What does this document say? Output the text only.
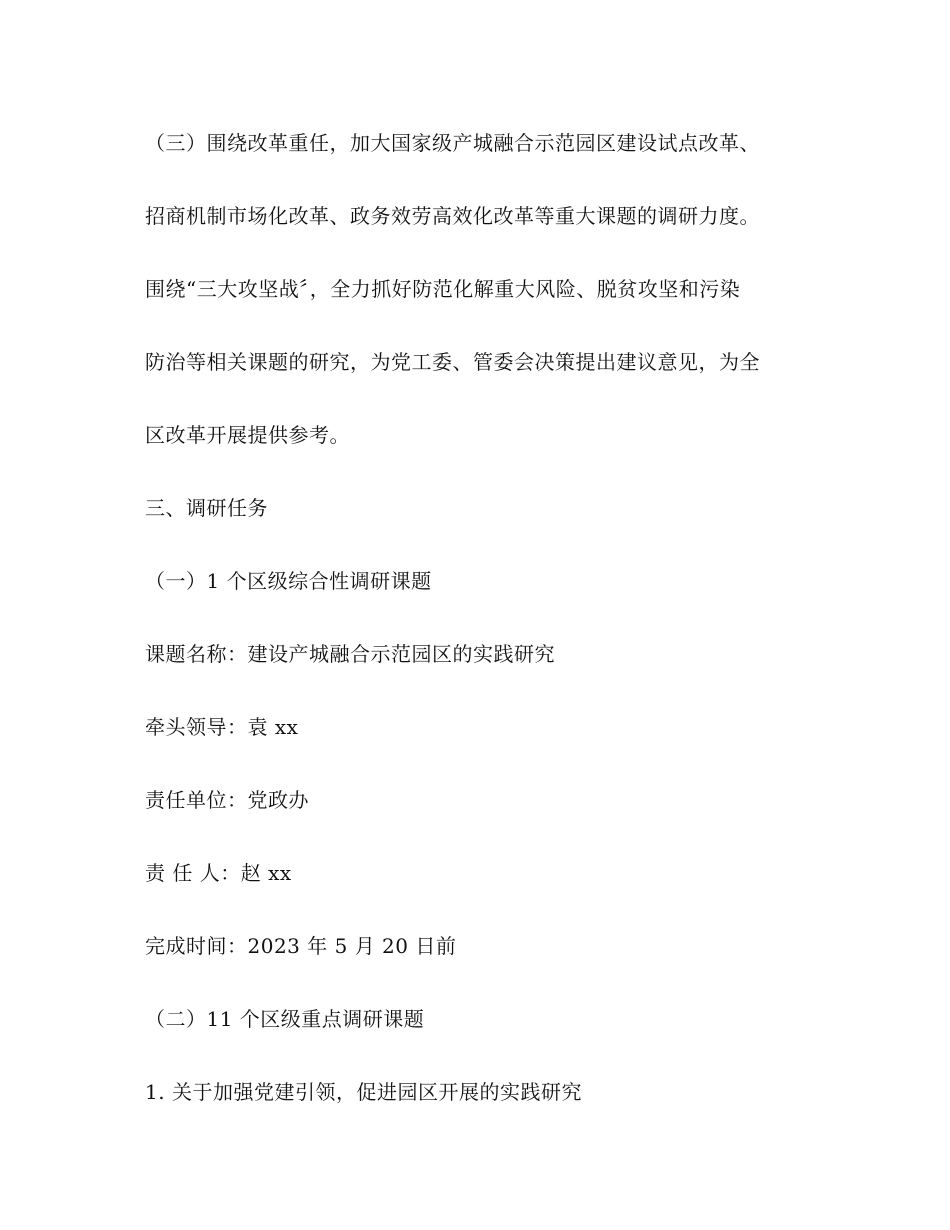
（三）围绕改革重任，加大国家级产城融合示范园区建设试点改革、
招商机制市场化改革、政务效劳高效化改革等重大课题的调研力度。
围绕“三大攻坚战〞，全力抓好防范化解重大风险、脱贫攻坚和污染
防治等相关课题的研究，为党工委、管委会决策提出建议意见，为全
区改革开展提供参考。
三、调研任务
（一）1 个区级综合性调研课题
课题名称：建设产城融合示范园区的实践研究
牵头领导：袁 xx
责任单位：党政办
责 任 人：赵 xx
完成时间：2023 年 5 月 20 日前
（二）11 个区级重点调研课题
1. 关于加强党建引领，促进园区开展的实践研究
